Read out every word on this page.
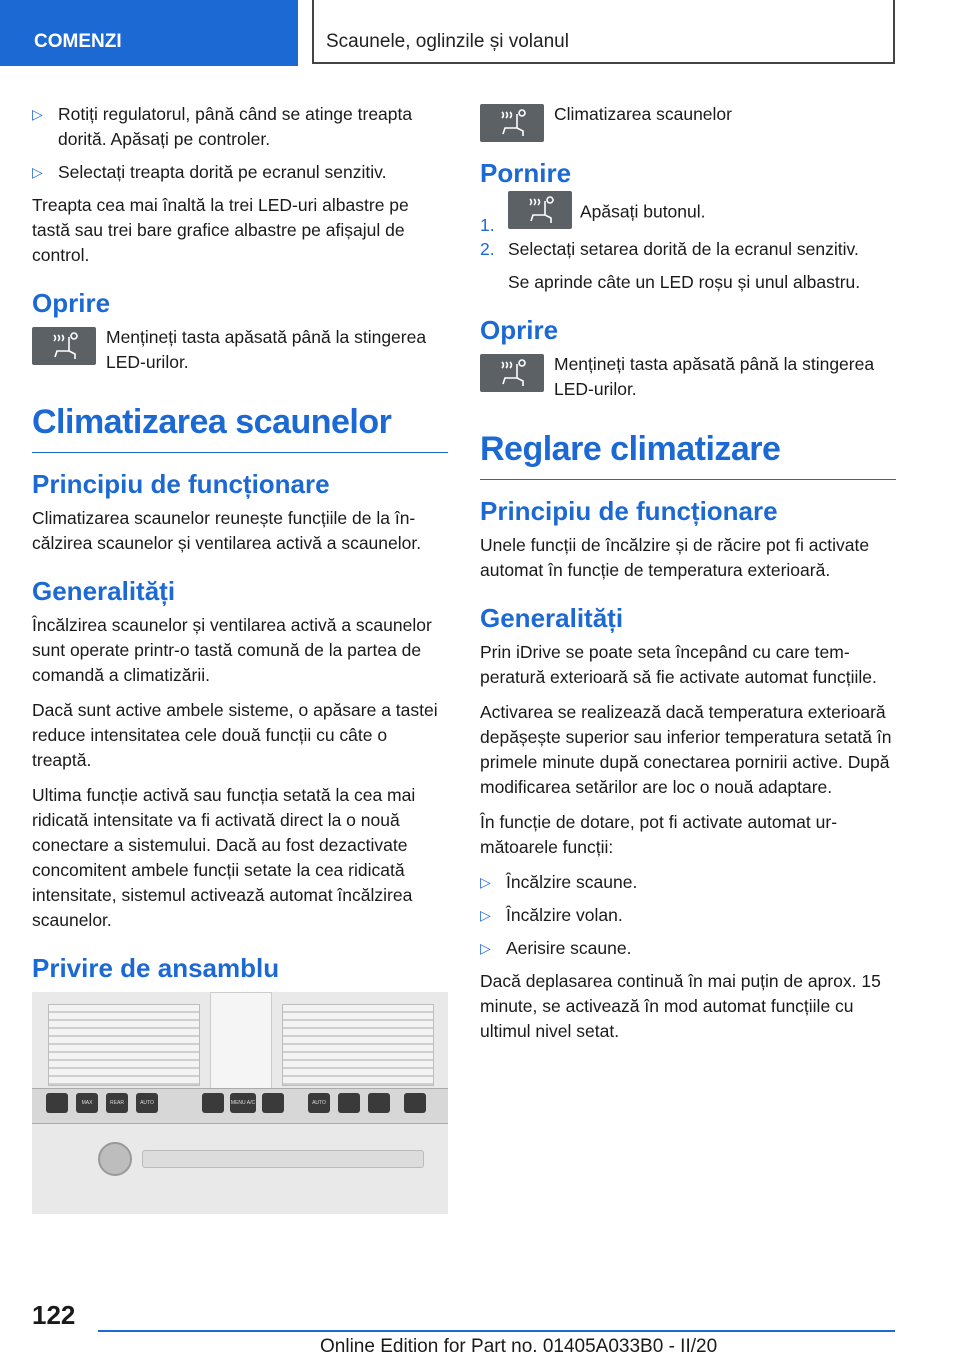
COMENZI	Scaunele, oglinzile și volanul
▷ Rotiți regulatorul, până când se atinge treapta dorită. Apăsați pe controler.
▷ Selectați treapta dorită pe ecranul senzitiv.

Treapta cea mai înaltă la trei LED-uri albastre pe tastă sau trei bare grafice albastre pe afișajul de control.

Oprire
Mențineți tasta apăsată până la stingerea LED-urilor.
Climatizarea scaunelor
Principiu de funcționare

Climatizarea scaunelor reunește funcțiile de la încălzirea scaunelor și ventilarea activă a scaunelor.

Generalități

Încălzirea scaunelor și ventilarea activă a scaunelor sunt operate printr-o tastă comună de la partea de comandă a climatizării.

Dacă sunt active ambele sisteme, o apăsare a tastei reduce intensitatea cele două funcții cu câte o treaptă.

Ultima funcție activă sau funcția setată la cea mai ridicată intensitate va fi activată direct la o nouă conectare a sistemului. Dacă au fost dezactivate concomitent ambele funcții setate la cea ridicată intensitate, sistemul activează automat încălzirea scaunelor.

Privire de ansamblu
MAX	REAR	AUTO	MENU A/C	AUTO
Climatizarea scaunelor
Pornire
1.
Apăsați butonul.
2. Selectați setarea dorită de la ecranul senzitiv.

Se aprinde câte un LED roșu și unul albastru.

Oprire
Mențineți tasta apăsată până la stingerea LED-urilor.
Reglare climatizare
Principiu de funcționare

Unele funcții de încălzire și de răcire pot fi activate automat în funcție de temperatura exterioară.

Generalități

Prin iDrive se poate seta începând cu care temperatură exterioară să fie activate automat funcțiile.

Activarea se realizează dacă temperatura exterioară depășește superior sau inferior temperatura setată în primele minute după conectarea pornirii active. După modificarea setărilor are loc o nouă adaptare.

În funcție de dotare, pot fi activate automat următoarele funcții:

▷ Încălzire scaune.
▷ Încălzire volan.
▷ Aerisire scaune.

Dacă deplasarea continuă în mai puțin de aprox. 15 minute, se activează în mod automat funcțiile cu ultimul nivel setat.

122
Online Edition for Part no. 01405A033B0 - II/20
